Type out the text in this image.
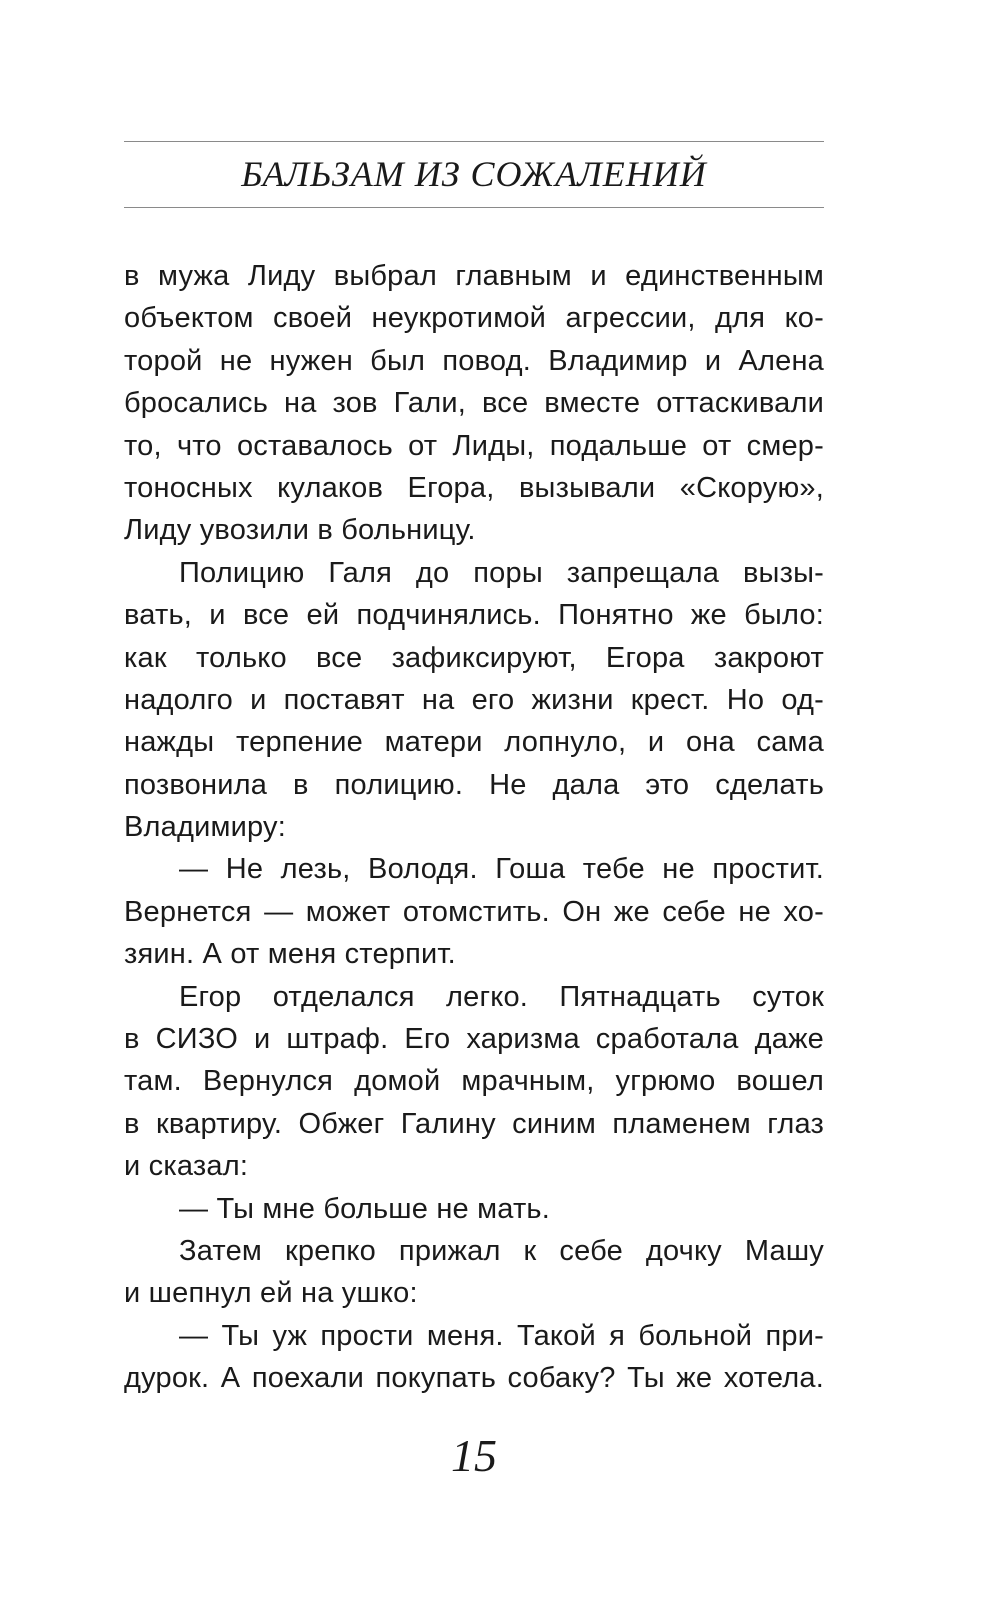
БАЛЬЗАМ ИЗ СОЖАЛЕНИЙ
в мужа Лиду выбрал главным и единственным
объектом своей неукротимой агрессии, для ко-
торой не нужен был повод. Владимир и Алена
бросались на зов Гали, все вместе оттаскивали
то, что оставалось от Лиды, подальше от смер-
тоносных кулаков Егора, вызывали «Скорую»,
Лиду увозили в больницу.
Полицию Галя до поры запрещала вызы-
вать, и все ей подчинялись. Понятно же было:
как только все зафиксируют, Егора закроют
надолго и поставят на его жизни крест. Но од-
нажды терпение матери лопнуло, и она сама
позвонила в полицию. Не дала это сделать
Владимиру:
— Не лезь, Володя. Гоша тебе не простит.
Вернется — может отомстить. Он же себе не хо-
зяин. А от меня стерпит.
Егор отделался легко. Пятнадцать суток
в СИЗО и штраф. Его харизма сработала даже
там. Вернулся домой мрачным, угрюмо вошел
в квартиру. Обжег Галину синим пламенем глаз
и сказал:
— Ты мне больше не мать.
Затем крепко прижал к себе дочку Машу
и шепнул ей на ушко:
— Ты уж прости меня. Такой я больной при-
дурок. А поехали покупать собаку? Ты же хотела.
15
